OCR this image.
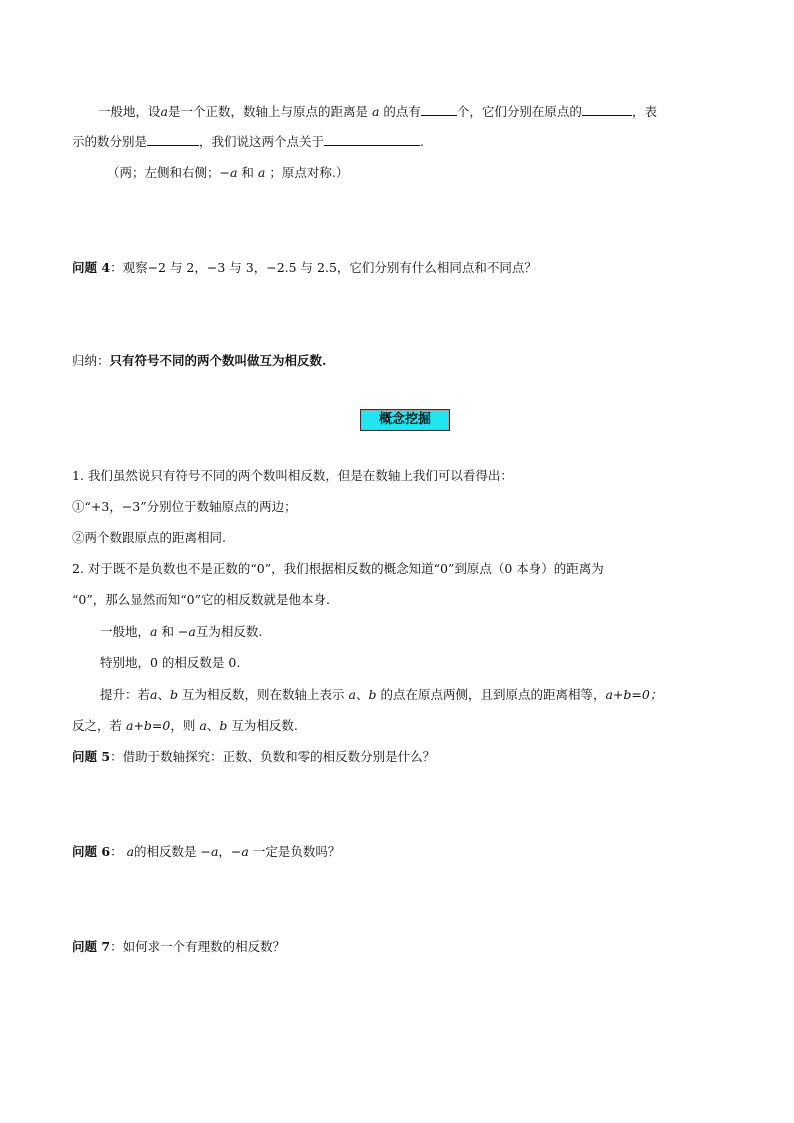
一般地，设a是一个正数，数轴上与原点的距离是 a 的点有	个，它们分别在原点的	，表
示的数分别是	，我们说这两个点关于	.
（两；左侧和右侧；−a 和 a ；原点对称.）
问题 4：观察−2 与 2，−3 与 3，−2.5 与 2.5，它们分别有什么相同点和不同点？
归纳：只有符号不同的两个数叫做互为相反数.
概念挖掘
1. 我们虽然说只有符号不同的两个数叫相反数，但是在数轴上我们可以看得出：
①“+3，−3”分别位于数轴原点的两边；
②两个数跟原点的距离相同.
2. 对于既不是负数也不是正数的“0”，我们根据相反数的概念知道“0”到原点（0 本身）的距离为
“0”，那么显然而知“0”它的相反数就是他本身.
一般地，a 和 −a互为相反数.
特别地，0 的相反数是 0.
提升：若a、b 互为相反数，则在数轴上表示 a、b 的点在原点两侧，且到原点的距离相等，a+b=0；
反之，若 a+b=0，则 a、b 互为相反数.
问题 5：借助于数轴探究：正数、负数和零的相反数分别是什么？
问题 6： a的相反数是 −a，−a 一定是负数吗？
问题 7：如何求一个有理数的相反数？
